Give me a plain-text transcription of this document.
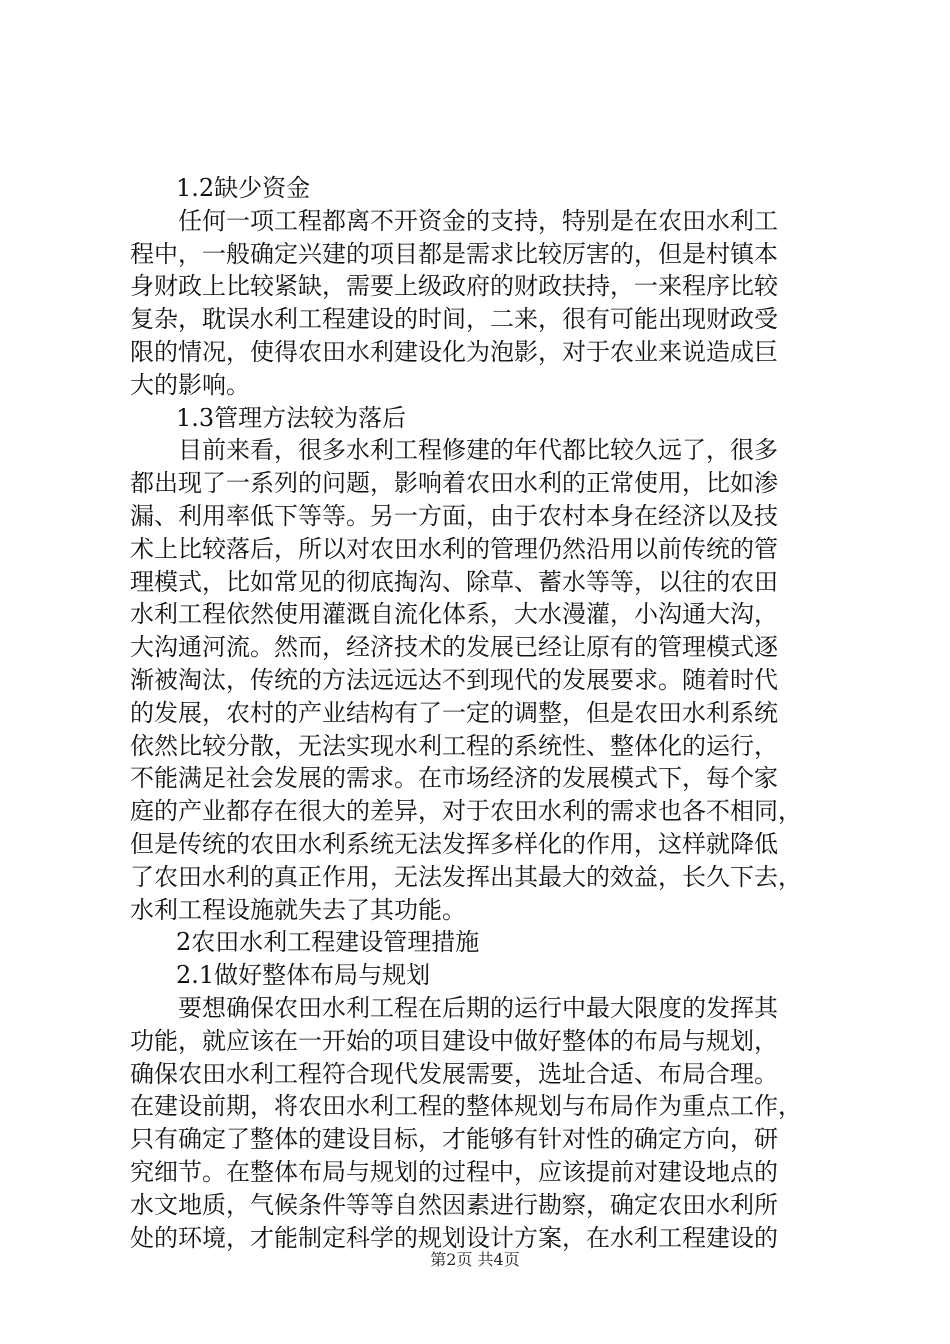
1.2缺少资金
任何一项工程都离不开资金的支持，特别是在农田水利工
程中，一般确定兴建的项目都是需求比较厉害的，但是村镇本
身财政上比较紧缺，需要上级政府的财政扶持，一来程序比较
复杂，耽误水利工程建设的时间，二来，很有可能出现财政受
限的情况，使得农田水利建设化为泡影，对于农业来说造成巨
大的影响。
1.3管理方法较为落后
目前来看，很多水利工程修建的年代都比较久远了，很多
都出现了一系列的问题，影响着农田水利的正常使用，比如渗
漏、利用率低下等等。另一方面，由于农村本身在经济以及技
术上比较落后，所以对农田水利的管理仍然沿用以前传统的管
理模式，比如常见的彻底掏沟、除草、蓄水等等，以往的农田
水利工程依然使用灌溉自流化体系，大水漫灌，小沟通大沟，
大沟通河流。然而，经济技术的发展已经让原有的管理模式逐
渐被淘汰，传统的方法远远达不到现代的发展要求。随着时代
的发展，农村的产业结构有了一定的调整，但是农田水利系统
依然比较分散，无法实现水利工程的系统性、整体化的运行，
不能满足社会发展的需求。在市场经济的发展模式下，每个家
庭的产业都存在很大的差异，对于农田水利的需求也各不相同，
但是传统的农田水利系统无法发挥多样化的作用，这样就降低
了农田水利的真正作用，无法发挥出其最大的效益，长久下去，
水利工程设施就失去了其功能。
2农田水利工程建设管理措施
2.1做好整体布局与规划
要想确保农田水利工程在后期的运行中最大限度的发挥其
功能，就应该在一开始的项目建设中做好整体的布局与规划，
确保农田水利工程符合现代发展需要，选址合适、布局合理。
在建设前期，将农田水利工程的整体规划与布局作为重点工作，
只有确定了整体的建设目标，才能够有针对性的确定方向，研
究细节。在整体布局与规划的过程中，应该提前对建设地点的
水文地质，气候条件等等自然因素进行勘察，确定农田水利所
处的环境，才能制定科学的规划设计方案，在水利工程建设的
第2页 共4页
